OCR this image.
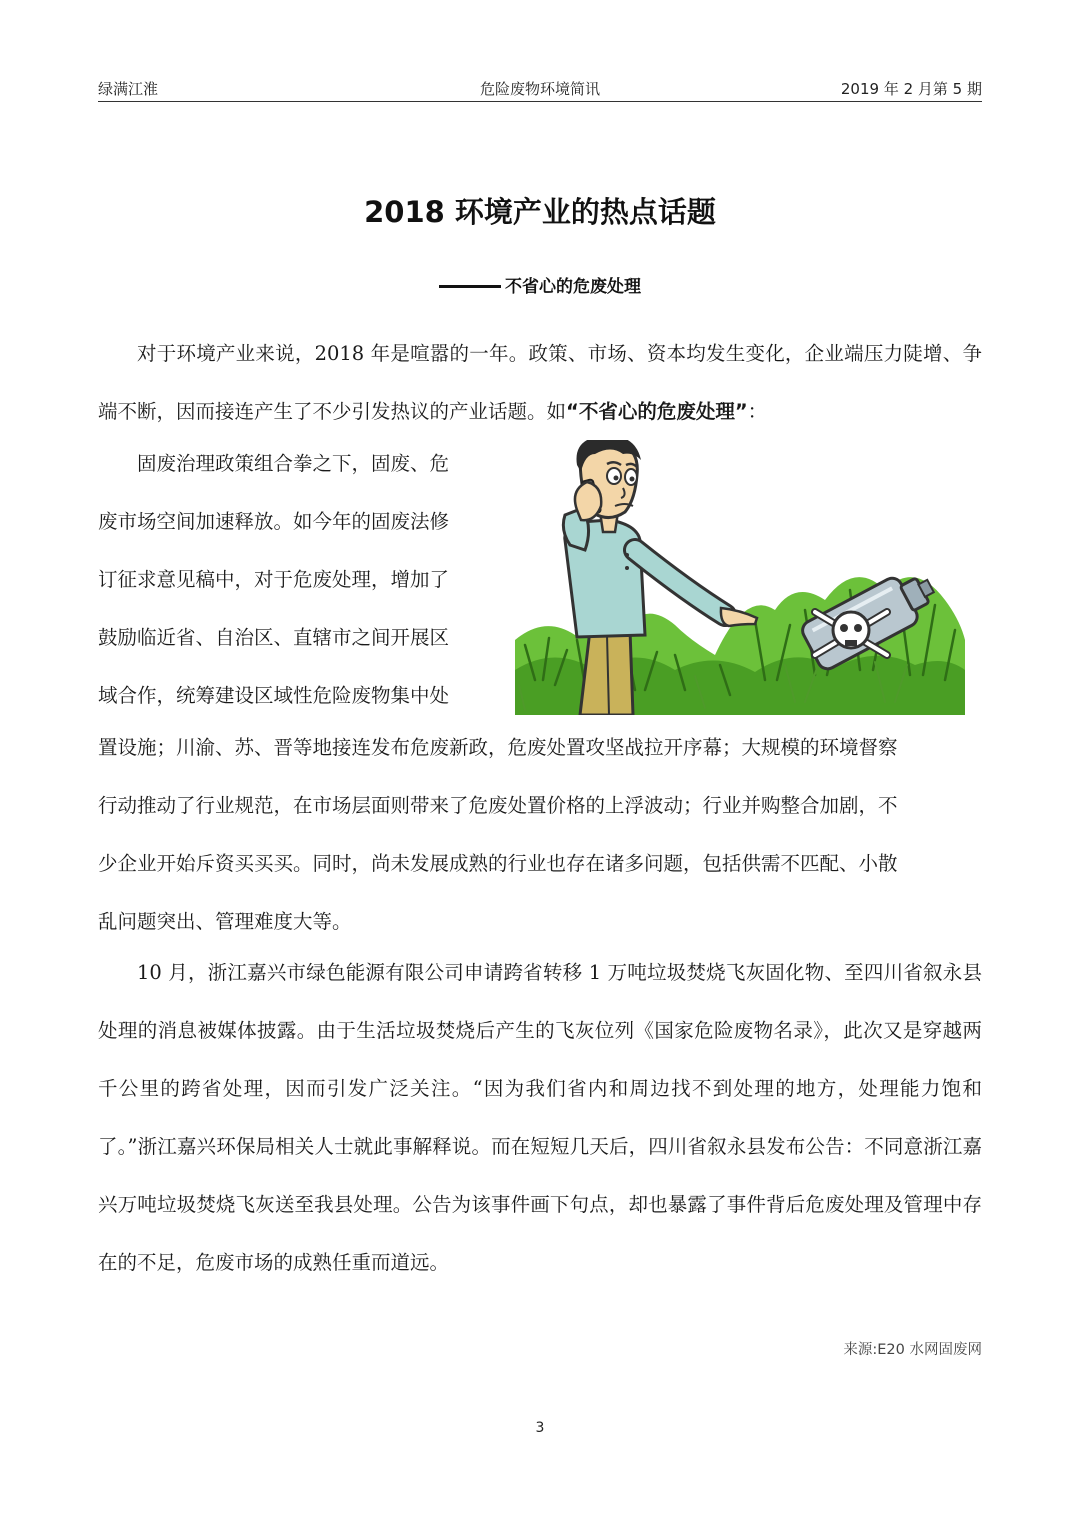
绿满江淮	危险废物环境简讯	2019 年 2 月第 5 期
2018 环境产业的热点话题
不省心的危废处理
对于环境产业来说，2018 年是喧嚣的一年。政策、市场、资本均发生变化，企业端压力陡增、争端不断，因而接连产生了不少引发热议的产业话题。如“不省心的危废处理”：
　　固废治理政策组合拳之下，固废、危
废市场空间加速释放。如今年的固废法修
订征求意见稿中，对于危废处理，增加了
鼓励临近省、自治区、直辖市之间开展区
域合作，统筹建设区域性危险废物集中处
置设施；川渝、苏、晋等地接连发布危废新政，危废处置攻坚战拉开序幕；大规模的环境督察
行动推动了行业规范，在市场层面则带来了危废处置价格的上浮波动；行业并购整合加剧，不
少企业开始斥资买买买。同时，尚未发展成熟的行业也存在诸多问题，包括供需不匹配、小散
乱问题突出、管理难度大等。
10 月，浙江嘉兴市绿色能源有限公司申请跨省转移 1 万吨垃圾焚烧飞灰固化物、至四川省叙永县处理的消息被媒体披露。由于生活垃圾焚烧后产生的飞灰位列《国家危险废物名录》，此次又是穿越两千公里的跨省处理，因而引发广泛关注。“因为我们省内和周边找不到处理的地方，处理能力饱和了。”浙江嘉兴环保局相关人士就此事解释说。而在短短几天后，四川省叙永县发布公告：不同意浙江嘉兴万吨垃圾焚烧飞灰送至我县处理。公告为该事件画下句点，却也暴露了事件背后危废处理及管理中存在的不足，危废市场的成熟任重而道远。
来源:E20 水网固废网
3
